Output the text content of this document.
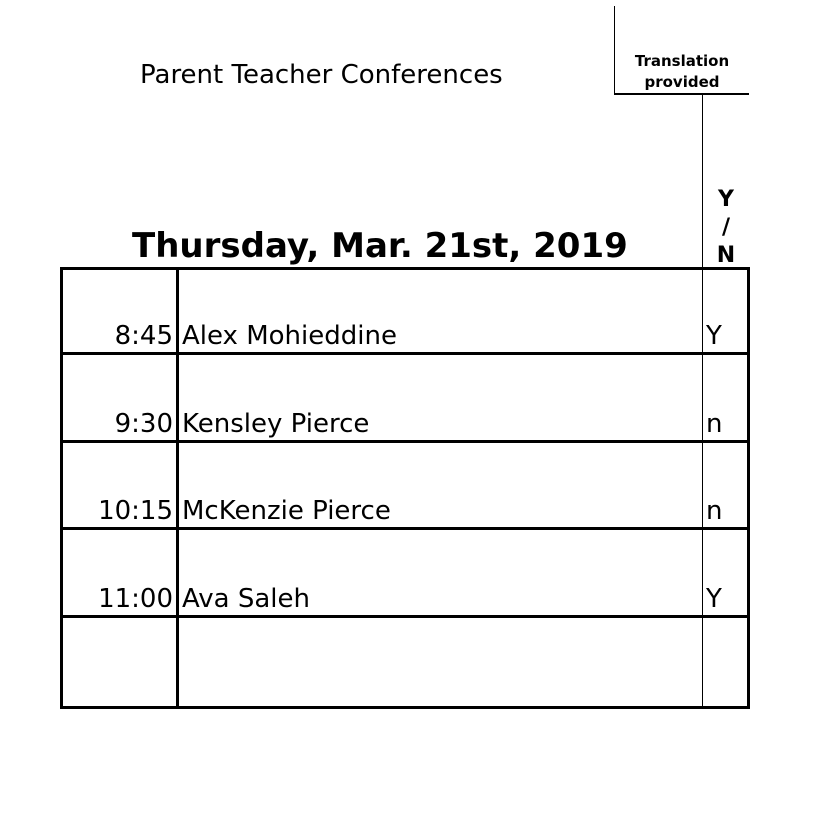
Parent Teacher Conferences	Translation provided
Y
/
N
Thursday, Mar. 21st, 2019
8:45 Alex Mohieddine	Y
9:30 Kensley Pierce	n
10:15 McKenzie Pierce	n
11:00 Ava Saleh	Y
